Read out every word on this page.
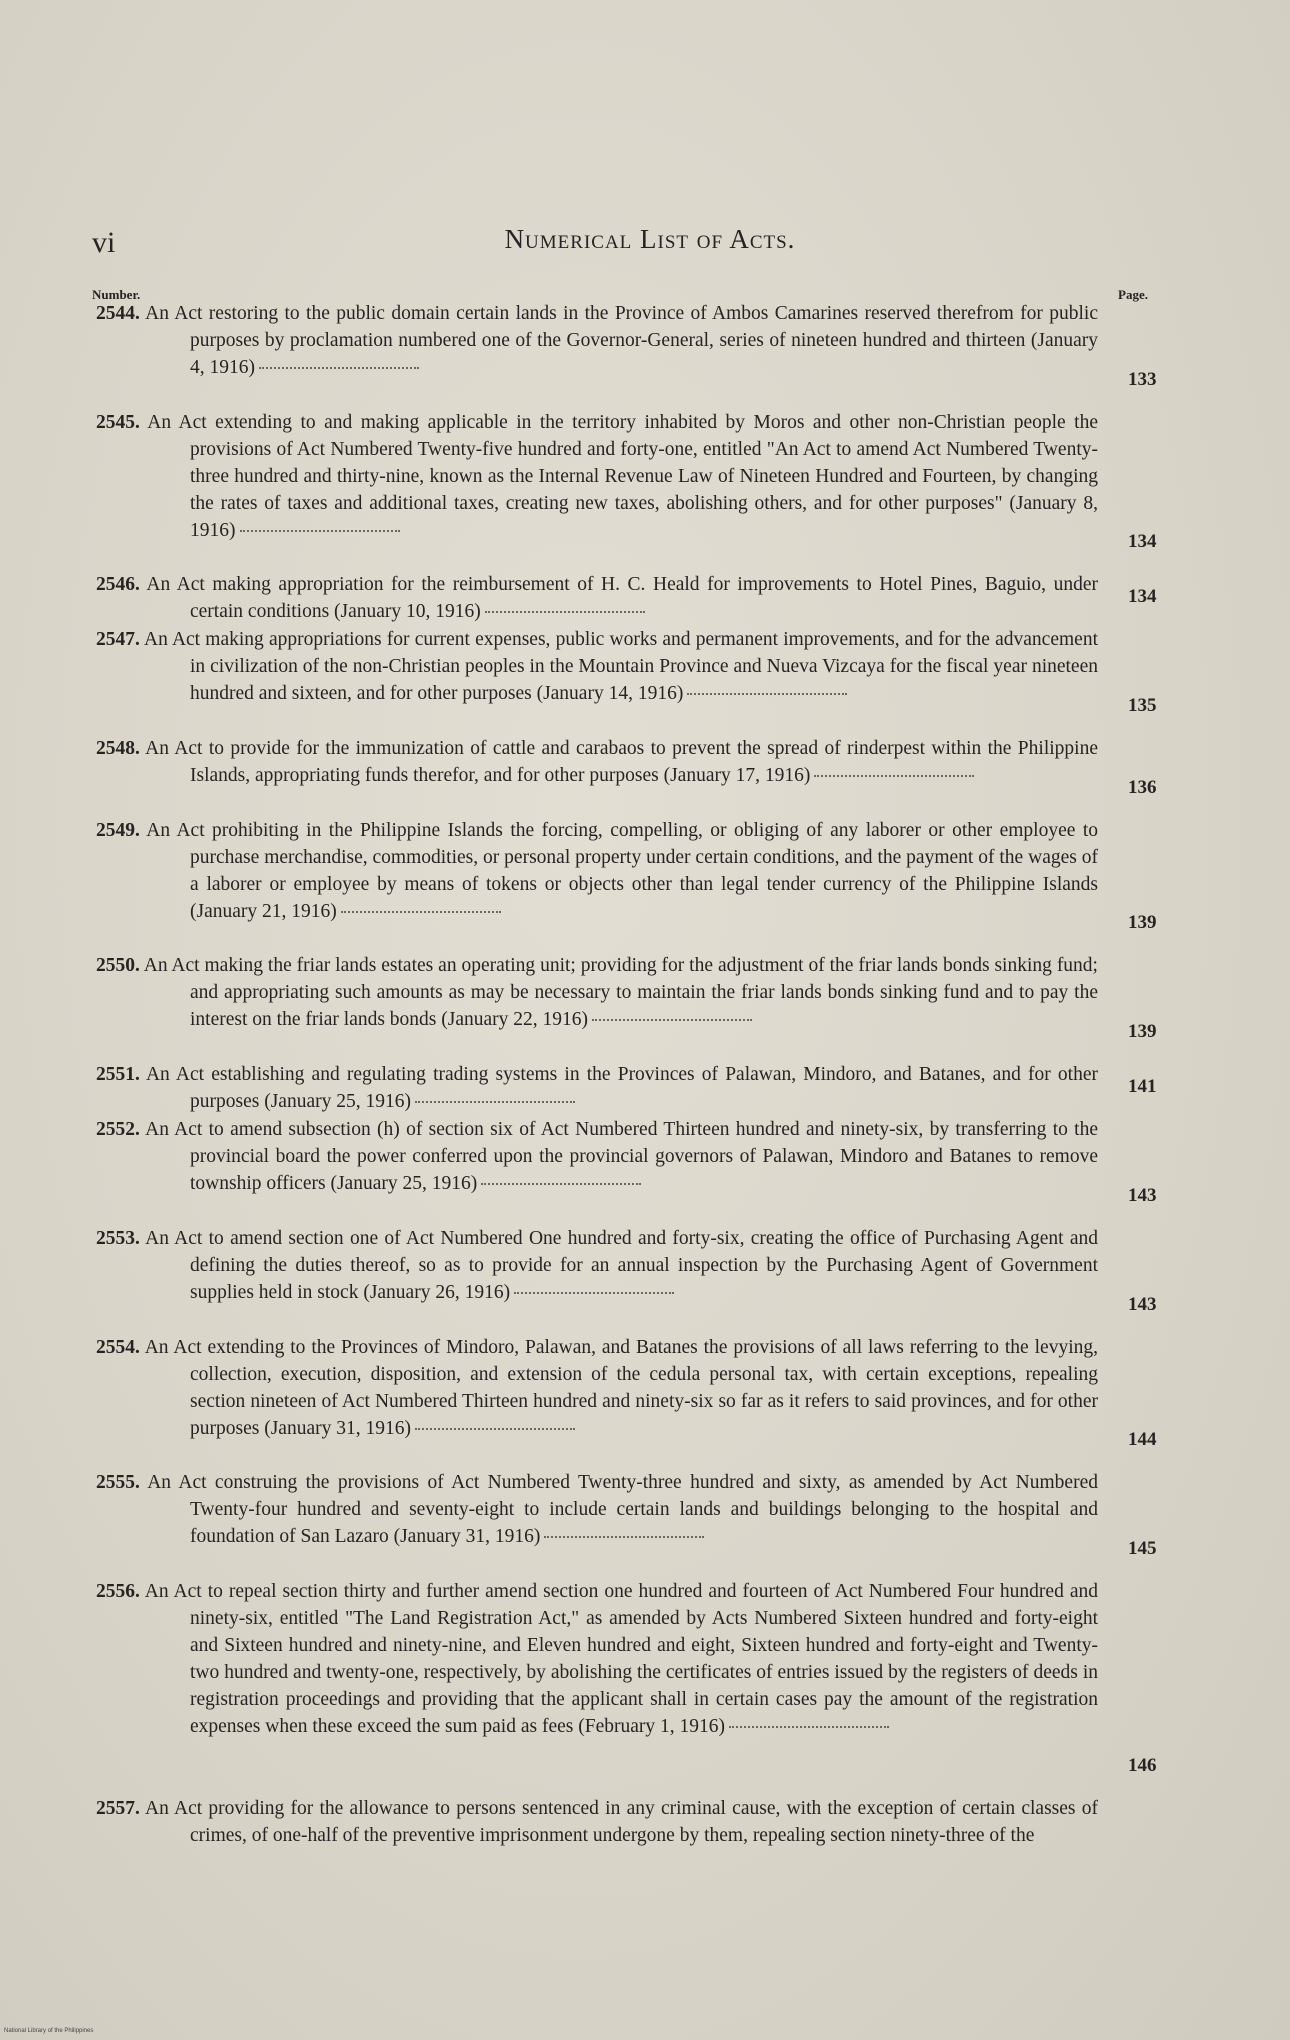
vi	Numerical List of Acts.
Number.	Page.
2544. An Act restoring to the public domain certain lands in the Province of Ambos Camarines reserved therefrom for public purposes by proclamation numbered one of the Governor-General, series of nineteen hundred and thirteen (January 4, 1916)
133
2545. An Act extending to and making applicable in the territory inhabited by Moros and other non-Christian people the provisions of Act Numbered Twenty-five hundred and forty-one, entitled "An Act to amend Act Numbered Twenty-three hundred and thirty-nine, known as the Internal Revenue Law of Nineteen Hundred and Fourteen, by changing the rates of taxes and additional taxes, creating new taxes, abolishing others, and for other purposes" (January 8, 1916)
134
2546. An Act making appropriation for the reimbursement of H. C. Heald for improvements to Hotel Pines, Baguio, under certain conditions (January 10, 1916)
134
2547. An Act making appropriations for current expenses, public works and permanent improvements, and for the advancement in civilization of the non-Christian peoples in the Mountain Province and Nueva Vizcaya for the fiscal year nineteen hundred and sixteen, and for other purposes (January 14, 1916)
135
2548. An Act to provide for the immunization of cattle and carabaos to prevent the spread of rinderpest within the Philippine Islands, appropriating funds therefor, and for other purposes (January 17, 1916)
136
2549. An Act prohibiting in the Philippine Islands the forcing, compelling, or obliging of any laborer or other employee to purchase merchandise, commodities, or personal property under certain conditions, and the payment of the wages of a laborer or employee by means of tokens or objects other than legal tender currency of the Philippine Islands (January 21, 1916)
139
2550. An Act making the friar lands estates an operating unit; providing for the adjustment of the friar lands bonds sinking fund; and appropriating such amounts as may be necessary to maintain the friar lands bonds sinking fund and to pay the interest on the friar lands bonds (January 22, 1916)
139
2551. An Act establishing and regulating trading systems in the Provinces of Palawan, Mindoro, and Batanes, and for other purposes (January 25, 1916)
141
2552. An Act to amend subsection (h) of section six of Act Numbered Thirteen hundred and ninety-six, by transferring to the provincial board the power conferred upon the provincial governors of Palawan, Mindoro and Batanes to remove township officers (January 25, 1916)
143
2553. An Act to amend section one of Act Numbered One hundred and forty-six, creating the office of Purchasing Agent and defining the duties thereof, so as to provide for an annual inspection by the Purchasing Agent of Government supplies held in stock (January 26, 1916)
143
2554. An Act extending to the Provinces of Mindoro, Palawan, and Batanes the provisions of all laws referring to the levying, collection, execution, disposition, and extension of the cedula personal tax, with certain exceptions, repealing section nineteen of Act Numbered Thirteen hundred and ninety-six so far as it refers to said provinces, and for other purposes (January 31, 1916)
144
2555. An Act construing the provisions of Act Numbered Twenty-three hundred and sixty, as amended by Act Numbered Twenty-four hundred and seventy-eight to include certain lands and buildings belonging to the hospital and foundation of San Lazaro (January 31, 1916)
145
2556. An Act to repeal section thirty and further amend section one hundred and fourteen of Act Numbered Four hundred and ninety-six, entitled "The Land Registration Act," as amended by Acts Numbered Sixteen hundred and forty-eight and Sixteen hundred and ninety-nine, and Eleven hundred and eight, Sixteen hundred and forty-eight and Twenty-two hundred and twenty-one, respectively, by abolishing the certificates of entries issued by the registers of deeds in registration proceedings and providing that the applicant shall in certain cases pay the amount of the registration expenses when these exceed the sum paid as fees (February 1, 1916)
146
2557. An Act providing for the allowance to persons sentenced in any criminal cause, with the exception of certain classes of crimes, of one-half of the preventive imprisonment undergone by them, repealing section ninety-three of the
National Library of the Philippines
